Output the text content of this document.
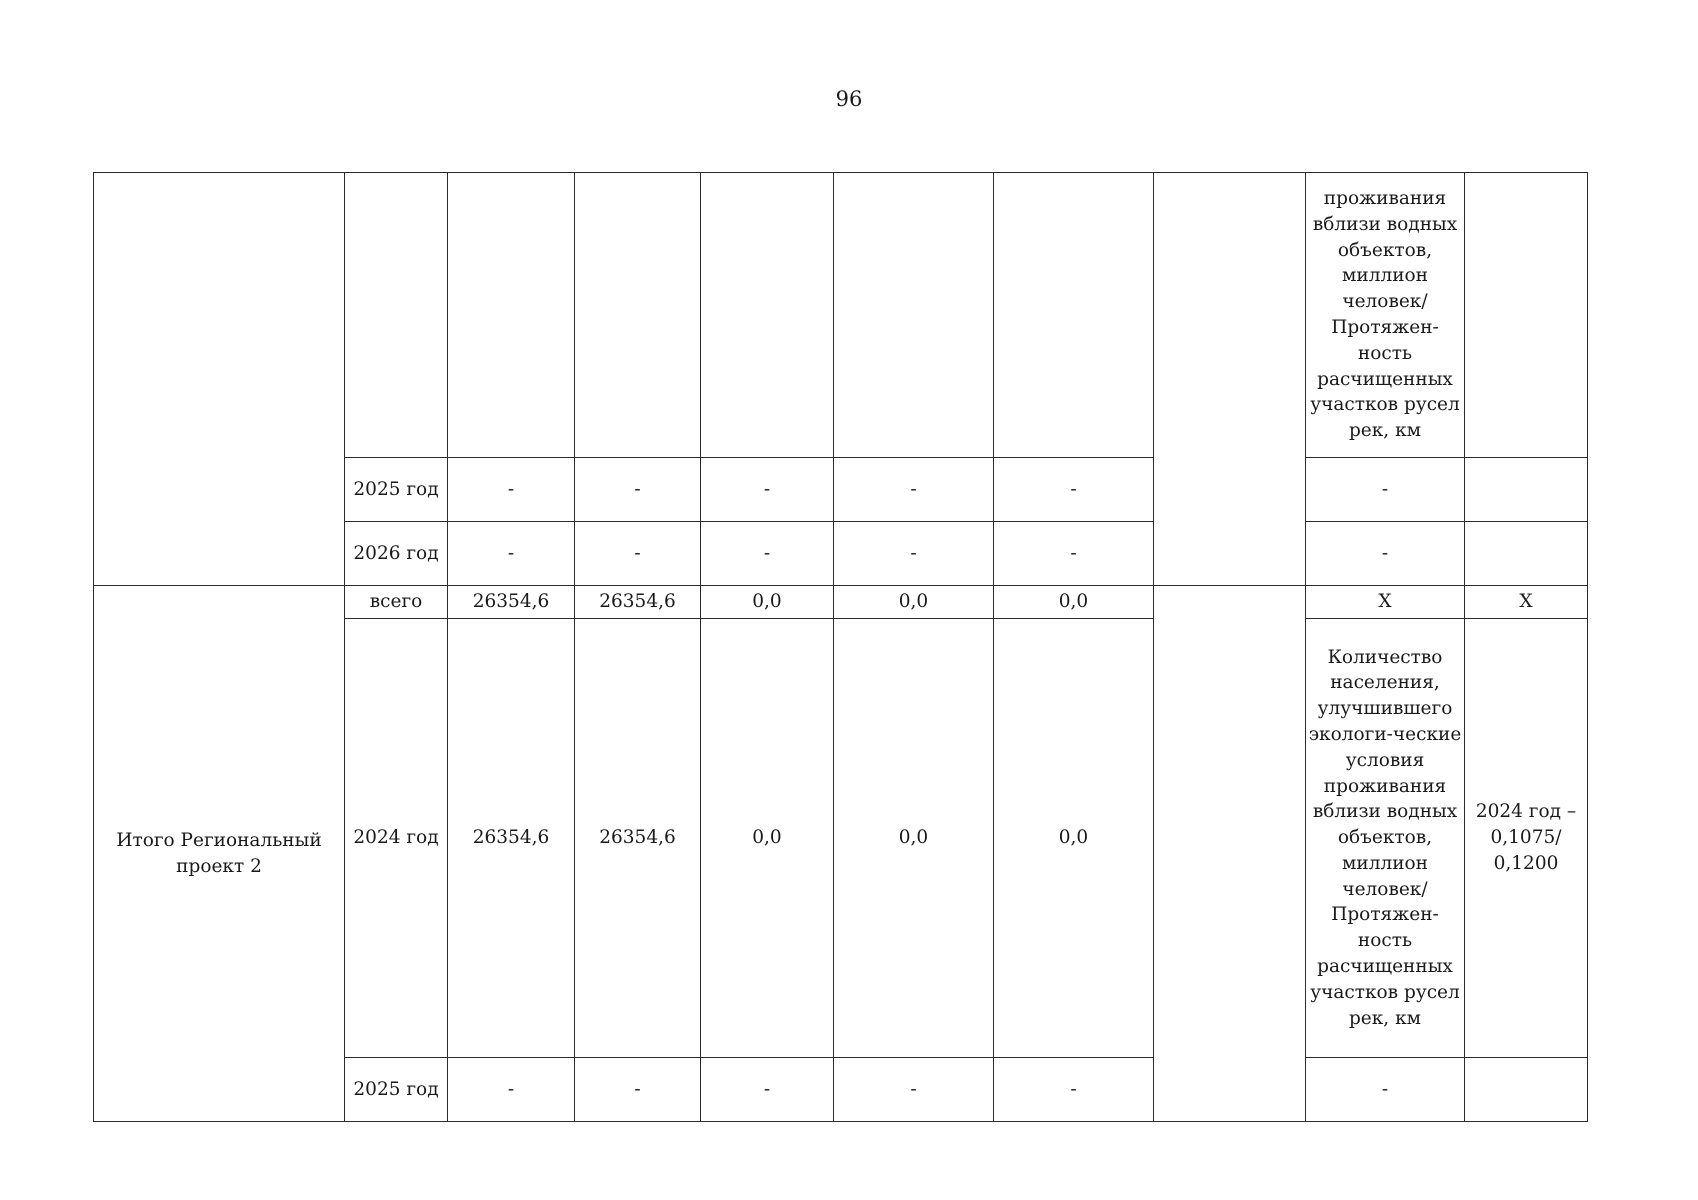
96

								проживания вблизи водных объектов, миллион человек/ Протяжен-ность расчищенных участков русел рек, км	

	2025 год	-	-	-	-	-		-	
	2026 год	-	-	-	-	-		-	
Итого Региональный проект 2	всего	26354,6	26354,6	0,0	0,0	0,0		X	X
	2024 год	26354,6	26354,6	0,0	0,0	0,0		Количество населения, улучшившего экологи-ческие условия проживания вблизи водных объектов, миллион человек/ Протяжен-ность расчищенных участков русел рек, км	2024 год – 0,1075/ 0,1200
	2025 год	-	-	-	-	-		-	
